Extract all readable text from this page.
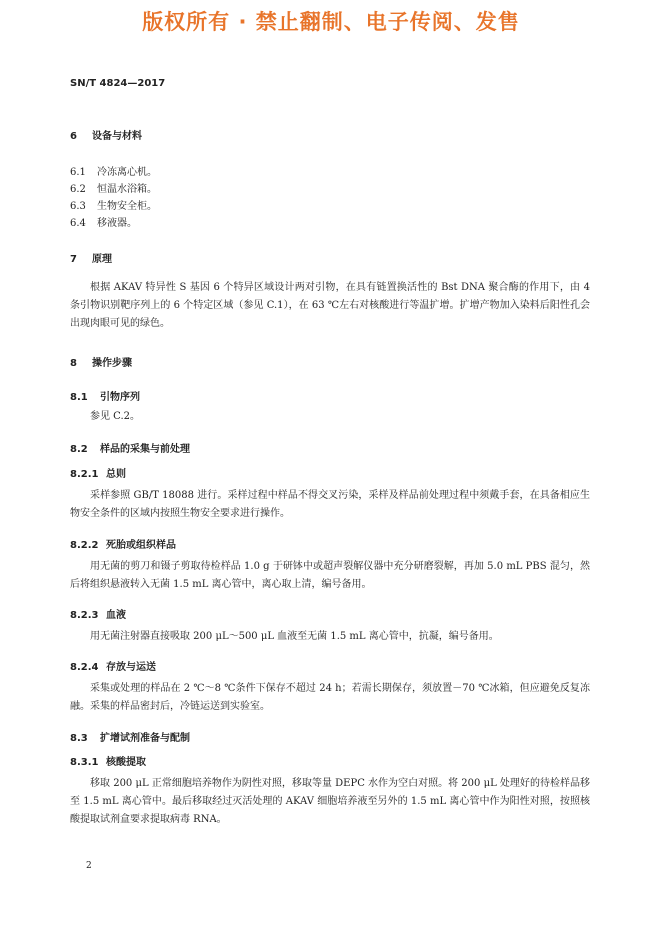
版权所有 · 禁止翻制、电子传阅、发售
SN/T 4824—2017
6 设备与材料
6.1 冷冻离心机。
6.2 恒温水浴箱。
6.3 生物安全柜。
6.4 移液器。
7 原理
根据 AKAV 特异性 S 基因 6 个特异区域设计两对引物，在具有链置换活性的 Bst DNA 聚合酶的作用下，由 4 条引物识别靶序列上的 6 个特定区域（参见 C.1），在 63 ℃左右对核酸进行等温扩增。扩增产物加入染料后阳性孔会出现肉眼可见的绿色。
8 操作步骤
8.1 引物序列
参见 C.2。
8.2 样品的采集与前处理
8.2.1 总则
采样参照 GB/T 18088 进行。采样过程中样品不得交叉污染，采样及样品前处理过程中须戴手套，在具备相应生物安全条件的区域内按照生物安全要求进行操作。
8.2.2 死胎或组织样品
用无菌的剪刀和镊子剪取待检样品 1.0 g 于研钵中或超声裂解仪器中充分研磨裂解，再加 5.0 mL PBS 混匀，然后将组织悬液转入无菌 1.5 mL 离心管中，离心取上清，编号备用。
8.2.3 血液
用无菌注射器直接吸取 200 μL～500 μL 血液至无菌 1.5 mL 离心管中，抗凝，编号备用。
8.2.4 存放与运送
采集或处理的样品在 2 ℃～8 ℃条件下保存不超过 24 h；若需长期保存，须放置－70 ℃冰箱，但应避免反复冻融。采集的样品密封后，冷链运送到实验室。
8.3 扩增试剂准备与配制
8.3.1 核酸提取
移取 200 μL 正常细胞培养物作为阴性对照，移取等量 DEPC 水作为空白对照。将 200 μL 处理好的待检样品移至 1.5 mL 离心管中。最后移取经过灭活处理的 AKAV 细胞培养液至另外的 1.5 mL 离心管中作为阳性对照，按照核酸提取试剂盒要求提取病毒 RNA。
2
